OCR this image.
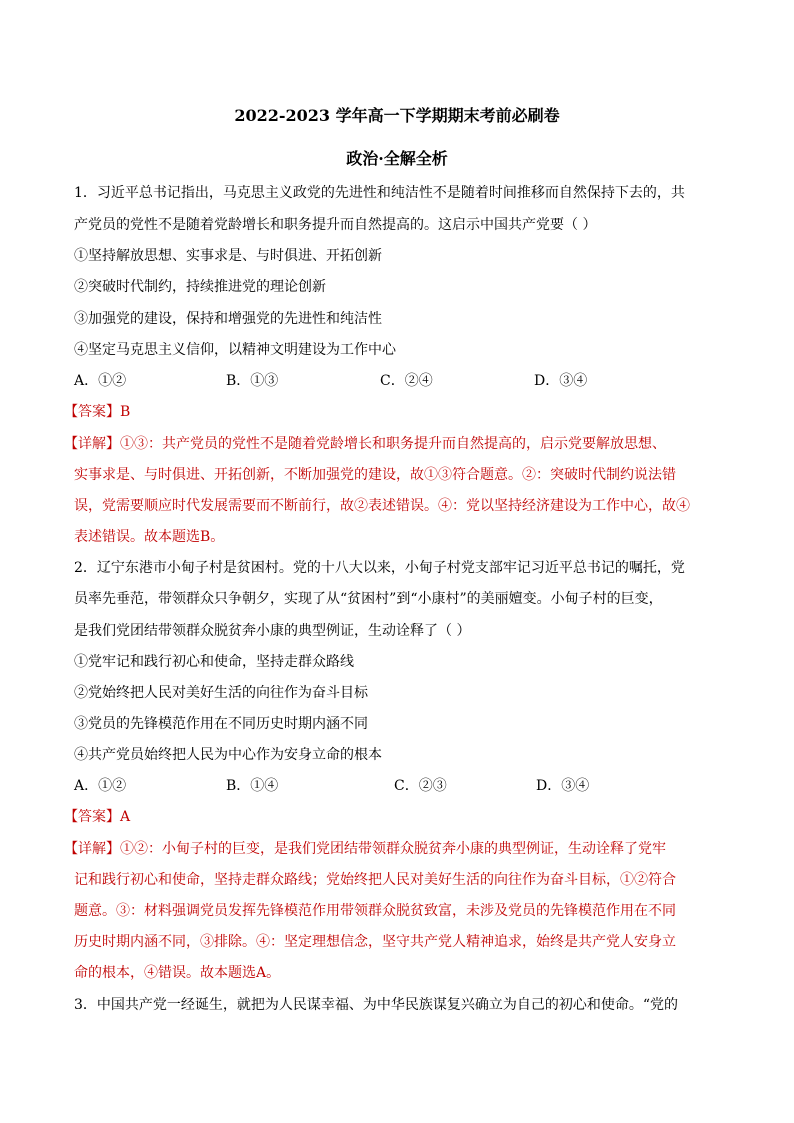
2022-2023 学年高一下学期期末考前必刷卷
政治·全解全析
1．习近平总书记指出，马克思主义政党的先进性和纯洁性不是随着时间推移而自然保持下去的，共
产党员的党性不是随着党龄增长和职务提升而自然提高的。这启示中国共产党要（ ）
①坚持解放思想、实事求是、与时俱进、开拓创新
②突破时代制约，持续推进党的理论创新
③加强党的建设，保持和增强党的先进性和纯洁性
④坚定马克思主义信仰，以精神文明建设为工作中心
A．①②	B．①③	C．②④	D．③④
【答案】B
【详解】①③：共产党员的党性不是随着党龄增长和职务提升而自然提高的，启示党要解放思想、
实事求是、与时俱进、开拓创新，不断加强党的建设，故①③符合题意。②：突破时代制约说法错
误，党需要顺应时代发展需要而不断前行，故②表述错误。④：党以坚持经济建设为工作中心，故④
表述错误。故本题选B。
2．辽宁东港市小甸子村是贫困村。党的十八大以来，小甸子村党支部牢记习近平总书记的嘱托，党
员率先垂范，带领群众只争朝夕，实现了从“贫困村”到“小康村”的美丽嬗变。小甸子村的巨变，
是我们党团结带领群众脱贫奔小康的典型例证，生动诠释了（ ）
①党牢记和践行初心和使命，坚持走群众路线
②党始终把人民对美好生活的向往作为奋斗目标
③党员的先锋模范作用在不同历史时期内涵不同
④共产党员始终把人民为中心作为安身立命的根本
A．①②	B．①④	C．②③	D．③④
【答案】A
【详解】①②：小甸子村的巨变，是我们党团结带领群众脱贫奔小康的典型例证，生动诠释了党牢
记和践行初心和使命，坚持走群众路线；党始终把人民对美好生活的向往作为奋斗目标，①②符合
题意。③：材料强调党员发挥先锋模范作用带领群众脱贫致富，未涉及党员的先锋模范作用在不同
历史时期内涵不同，③排除。④：坚定理想信念，坚守共产党人精神追求，始终是共产党人安身立
命的根本，④错误。故本题选A。
3．中国共产党一经诞生，就把为人民谋幸福、为中华民族谋复兴确立为自己的初心和使命。“党的
